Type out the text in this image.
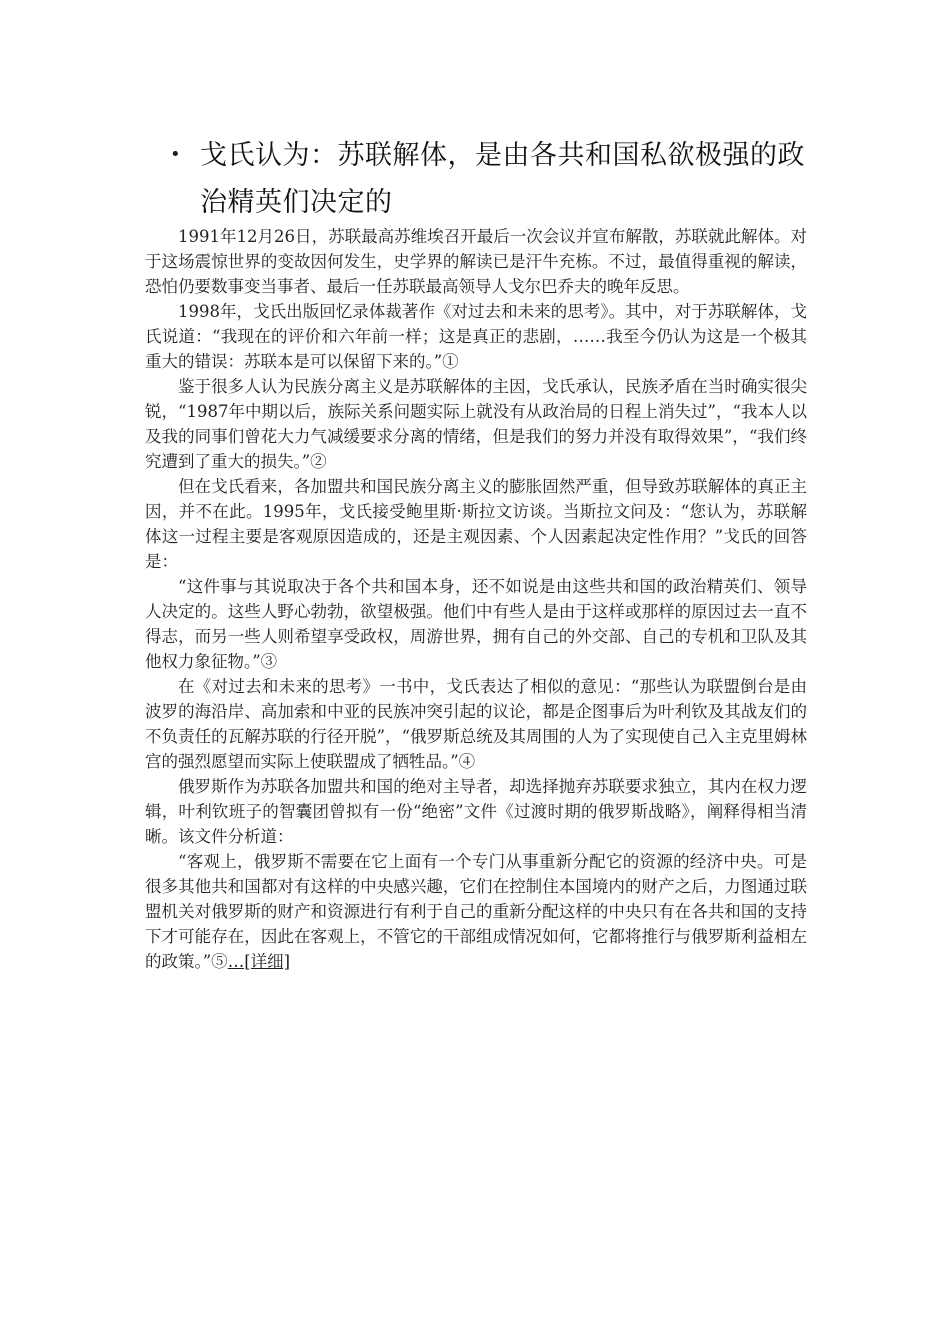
• 戈氏认为：苏联解体，是由各共和国私欲极强的政治精英们决定的

1991年12月26日，苏联最高苏维埃召开最后一次会议并宣布解散，苏联就此解体。对于这场震惊世界的变故因何发生，史学界的解读已是汗牛充栋。不过，最值得重视的解读，恐怕仍要数事变当事者、最后一任苏联最高领导人戈尔巴乔夫的晚年反思。

1998年，戈氏出版回忆录体裁著作《对过去和未来的思考》。其中，对于苏联解体，戈氏说道：“我现在的评价和六年前一样；这是真正的悲剧，……我至今仍认为这是一个极其重大的错误：苏联本是可以保留下来的。”①

鉴于很多人认为民族分离主义是苏联解体的主因，戈氏承认，民族矛盾在当时确实很尖锐，“1987年中期以后，族际关系问题实际上就没有从政治局的日程上消失过”，“我本人以及我的同事们曾花大力气减缓要求分离的情绪，但是我们的努力并没有取得效果”，“我们终究遭到了重大的损失。”②

但在戈氏看来，各加盟共和国民族分离主义的膨胀固然严重，但导致苏联解体的真正主因，并不在此。1995年，戈氏接受鲍里斯·斯拉文访谈。当斯拉文问及：“您认为，苏联解体这一过程主要是客观原因造成的，还是主观因素、个人因素起决定性作用？”戈氏的回答是：

“这件事与其说取决于各个共和国本身，还不如说是由这些共和国的政治精英们、领导人决定的。这些人野心勃勃，欲望极强。他们中有些人是由于这样或那样的原因过去一直不得志，而另一些人则希望享受政权，周游世界，拥有自己的外交部、自己的专机和卫队及其他权力象征物。”③

在《对过去和未来的思考》一书中，戈氏表达了相似的意见：“那些认为联盟倒台是由波罗的海沿岸、高加索和中亚的民族冲突引起的议论，都是企图事后为叶利钦及其战友们的不负责任的瓦解苏联的行径开脱”，“俄罗斯总统及其周围的人为了实现使自己入主克里姆林宫的强烈愿望而实际上使联盟成了牺牲品。”④

俄罗斯作为苏联各加盟共和国的绝对主导者，却选择抛弃苏联要求独立，其内在权力逻辑，叶利钦班子的智囊团曾拟有一份“绝密”文件《过渡时期的俄罗斯战略》，阐释得相当清晰。该文件分析道：

“客观上，俄罗斯不需要在它上面有一个专门从事重新分配它的资源的经济中央。可是很多其他共和国都对有这样的中央感兴趣，它们在控制住本国境内的财产之后，力图通过联盟机关对俄罗斯的财产和资源进行有利于自己的重新分配这样的中央只有在各共和国的支持下才可能存在，因此在客观上，不管它的干部组成情况如何，它都将推行与俄罗斯利益相左的政策。”⑤…[详细]
